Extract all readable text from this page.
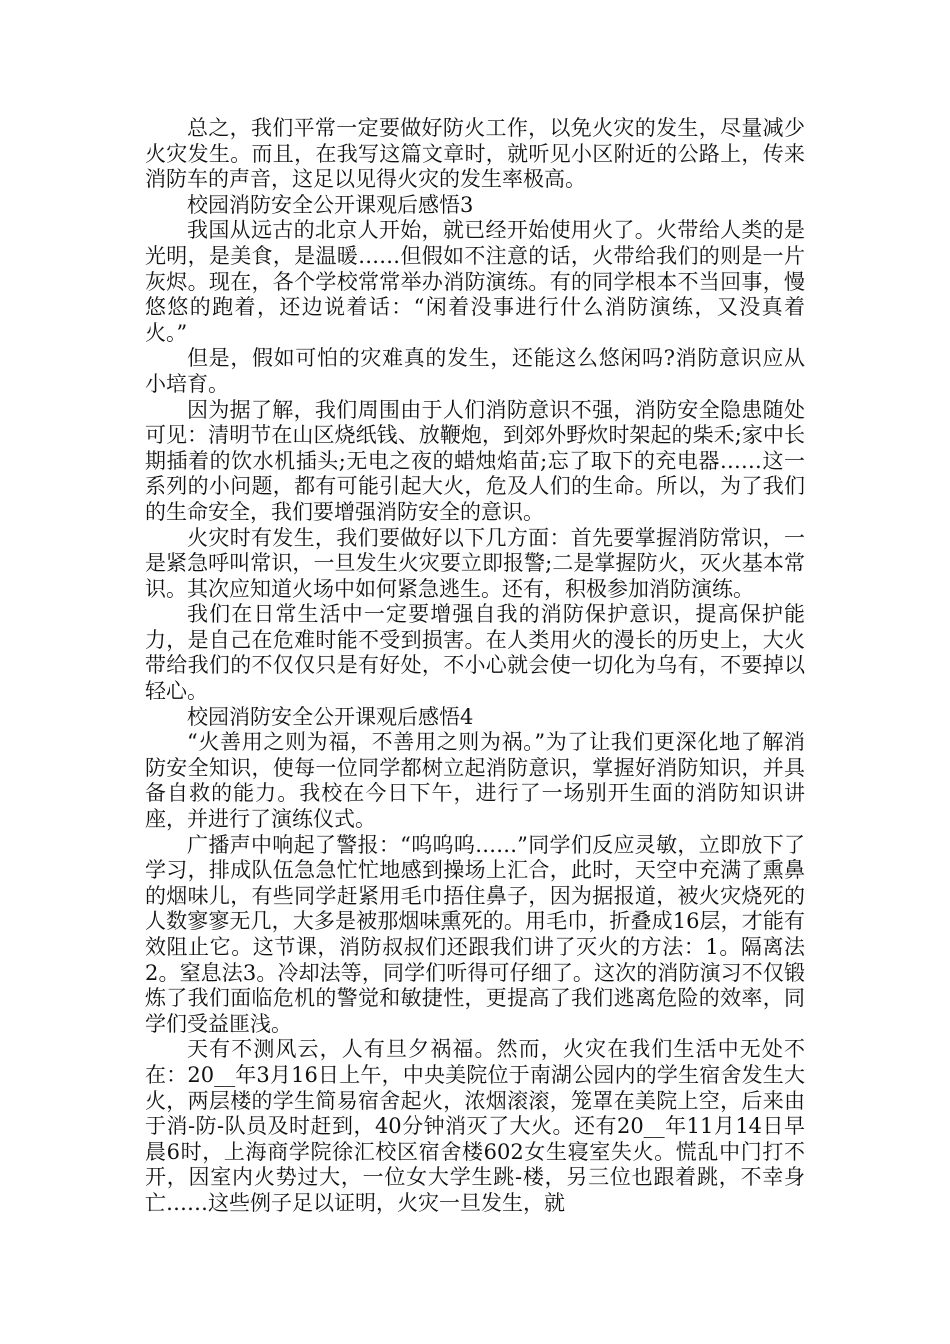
总之，我们平常一定要做好防火工作，以免火灾的发生，尽量减少火灾发生。而且，在我写这篇文章时，就听见小区附近的公路上，传来消防车的声音，这足以见得火灾的发生率极高。

校园消防安全公开课观后感悟3

我国从远古的北京人开始，就已经开始使用火了。火带给人类的是光明，是美食，是温暖……但假如不注意的话，火带给我们的则是一片灰烬。现在，各个学校常常举办消防演练。有的同学根本不当回事，慢悠悠的跑着，还边说着话：“闲着没事进行什么消防演练，又没真着火。”

但是，假如可怕的灾难真的发生，还能这么悠闲吗?消防意识应从小培育。

因为据了解，我们周围由于人们消防意识不强，消防安全隐患随处可见：清明节在山区烧纸钱、放鞭炮，到郊外野炊时架起的柴禾;家中长期插着的饮水机插头;无电之夜的蜡烛焰苗;忘了取下的充电器……这一系列的小问题，都有可能引起大火，危及人们的生命。所以，为了我们的生命安全，我们要增强消防安全的意识。

火灾时有发生，我们要做好以下几方面：首先要掌握消防常识，一是紧急呼叫常识，一旦发生火灾要立即报警;二是掌握防火，灭火基本常识。其次应知道火场中如何紧急逃生。还有，积极参加消防演练。

我们在日常生活中一定要增强自我的消防保护意识，提高保护能力，是自己在危难时能不受到损害。在人类用火的漫长的历史上，大火带给我们的不仅仅只是有好处，不小心就会使一切化为乌有，不要掉以轻心。

校园消防安全公开课观后感悟4

“火善用之则为福，不善用之则为祸。”为了让我们更深化地了解消防安全知识，使每一位同学都树立起消防意识，掌握好消防知识，并具备自救的能力。我校在今日下午，进行了一场别开生面的消防知识讲座，并进行了演练仪式。

广播声中响起了警报：“呜呜呜……”同学们反应灵敏，立即放下了学习，排成队伍急急忙忙地感到操场上汇合，此时，天空中充满了熏鼻的烟味儿，有些同学赶紧用毛巾捂住鼻子，因为据报道，被火灾烧死的人数寥寥无几，大多是被那烟味熏死的。用毛巾，折叠成16层，才能有效阻止它。这节课，消防叔叔们还跟我们讲了灭火的方法：1。隔离法2。窒息法3。冷却法等，同学们听得可仔细了。这次的消防演习不仅锻炼了我们面临危机的警觉和敏捷性，更提高了我们逃离危险的效率，同学们受益匪浅。

天有不测风云，人有旦夕祸福。然而，火灾在我们生活中无处不在：20__年3月16日上午，中央美院位于南湖公园内的学生宿舍发生大火，两层楼的学生简易宿舍起火，浓烟滚滚，笼罩在美院上空，后来由于消-防-队员及时赶到，40分钟消灭了大火。还有20__年11月14日早晨6时，上海商学院徐汇校区宿舍楼602女生寝室失火。慌乱中门打不开，因室内火势过大，一位女大学生跳-楼，另三位也跟着跳，不幸身亡……这些例子足以证明，火灾一旦发生，就
